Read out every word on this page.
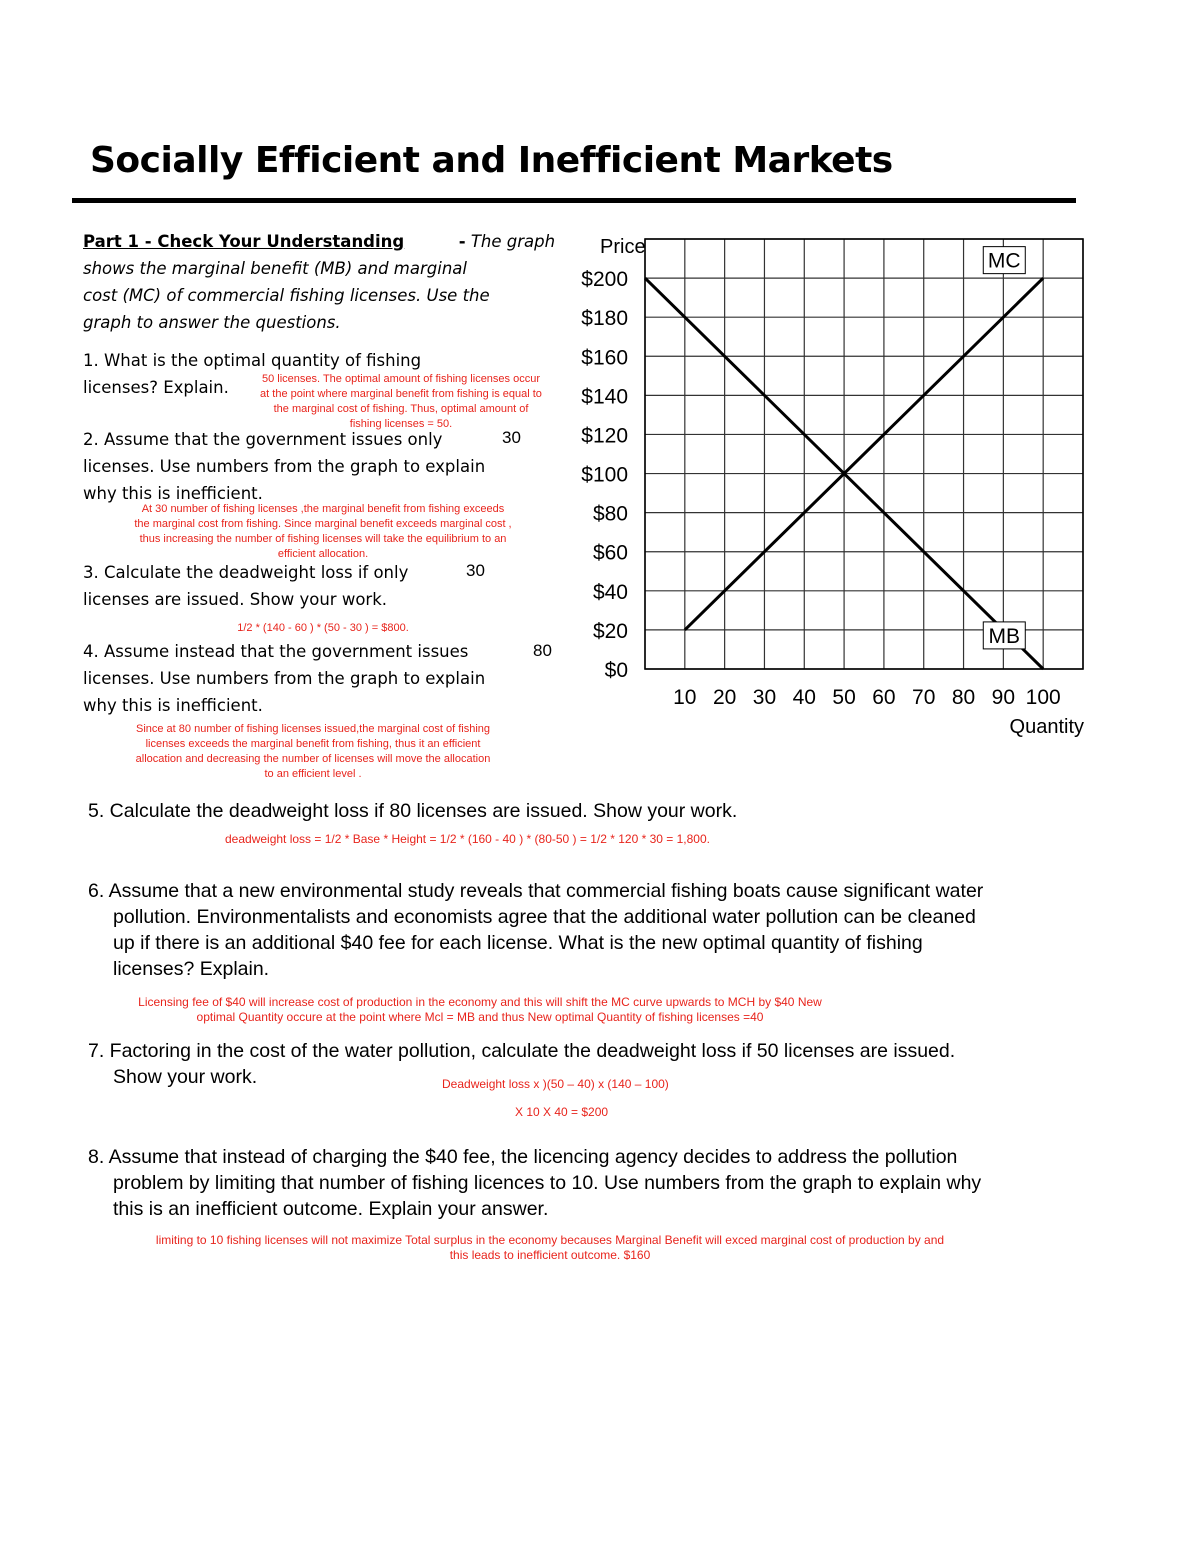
Socially Efficient and Inefficient Markets
Part 1 - Check Your Understanding	- The graph
shows the marginal benefit (MB) and marginal
cost (MC) of commercial fishing licenses. Use the
graph to answer the questions.
1. What is the optimal quantity of fishing
licenses? Explain.	50 licenses. The optimal amount of fishing licenses occur
at the point where marginal benefit from fishing is equal to
the marginal cost of fishing. Thus, optimal amount of
fishing licenses = 50.
2. Assume that the government issues only	30
licenses. Use numbers from the graph to explain
why this is inefficient.
At 30 number of fishing licenses ,the marginal benefit from fishing exceeds
the marginal cost from fishing. Since marginal benefit exceeds marginal cost ,
thus increasing the number of fishing licenses will take the equilibrium to an
efficient allocation.
3. Calculate the deadweight loss if only	30
licenses are issued. Show your work.
1/2 * (140 - 60 ) * (50 - 30 ) = $800.
4. Assume instead that the government issues	80
licenses. Use numbers from the graph to explain
why this is inefficient.
Since at 80 number of fishing licenses issued,the marginal cost of fishing
licenses exceeds the marginal benefit from fishing, thus it an efficient
allocation and decreasing the number of licenses will move the allocation
to an efficient level .
Price
$0
$20
$40
$60
$80
$100
$120
$140
$160
$180
$200
10 20 30 40 50 60 70 80 90 100
MB
MC
Quantity
5. Calculate the deadweight loss if 80 licenses are issued. Show your work.
deadweight loss = 1/2 * Base * Height = 1/2 * (160 - 40 ) * (80-50 ) = 1/2 * 120 * 30 = 1,800.
6. Assume that a new environmental study reveals that commercial fishing boats cause significant water
pollution. Environmentalists and economists agree that the additional water pollution can be cleaned
up if there is an additional $40 fee for each license. What is the new optimal quantity of fishing
licenses? Explain.
Licensing fee of $40 will increase cost of production in the economy and this will shift the MC curve upwards to MCH by $40 New
optimal Quantity occure at the point where Mcl = MB and thus New optimal Quantity of fishing licenses =40
7. Factoring in the cost of the water pollution, calculate the deadweight loss if 50 licenses are issued.
Show your work.	Deadweight loss x )(50 – 40) x (140 – 100)
X 10 X 40 = $200
8. Assume that instead of charging the $40 fee, the licencing agency decides to address the pollution
problem by limiting that number of fishing licences to 10. Use numbers from the graph to explain why
this is an inefficient outcome. Explain your answer.
limiting to 10 fishing licenses will not maximize Total surplus in the economy becauses Marginal Benefit will exced marginal cost of production by and
this leads to inefficient outcome. $160
